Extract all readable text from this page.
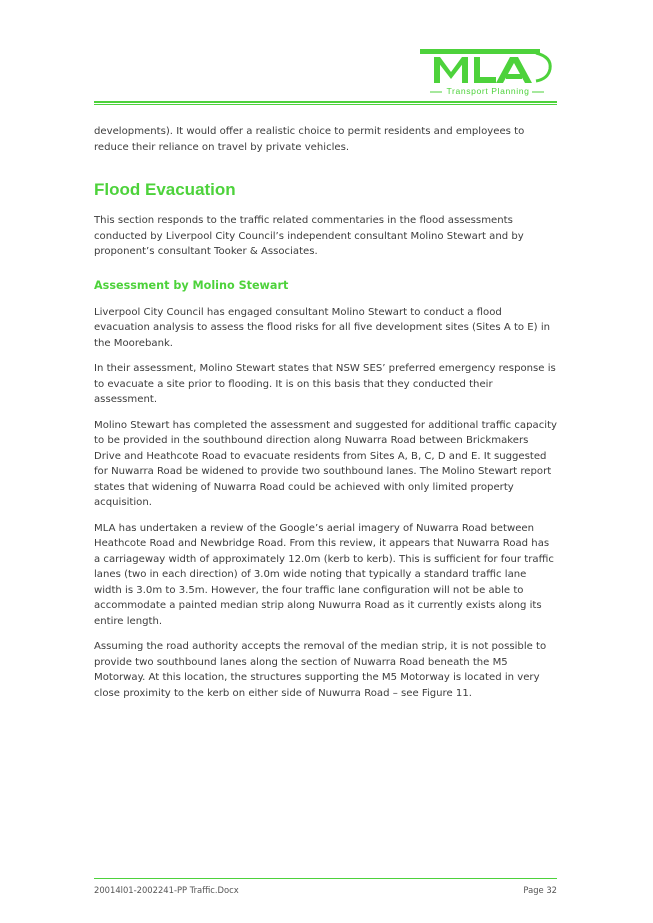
MLA
Transport Planning

developments). It would offer a realistic choice to permit residents and employees to reduce their reliance on travel by private vehicles.

Flood Evacuation

This section responds to the traffic related commentaries in the flood assessments conducted by Liverpool City Council’s independent consultant Molino Stewart and by proponent’s consultant Tooker & Associates.

Assessment by Molino Stewart

Liverpool City Council has engaged consultant Molino Stewart to conduct a flood evacuation analysis to assess the flood risks for all five development sites (Sites A to E) in the Moorebank.

In their assessment, Molino Stewart states that NSW SES’ preferred emergency response is to evacuate a site prior to flooding. It is on this basis that they conducted their assessment.

Molino Stewart has completed the assessment and suggested for additional traffic capacity to be provided in the southbound direction along Nuwarra Road between Brickmakers Drive and Heathcote Road to evacuate residents from Sites A, B, C, D and E. It suggested for Nuwarra Road be widened to provide two southbound lanes. The Molino Stewart report states that widening of Nuwarra Road could be achieved with only limited property acquisition.

MLA has undertaken a review of the Google’s aerial imagery of Nuwarra Road between Heathcote Road and Newbridge Road. From this review, it appears that Nuwarra Road has a carriageway width of approximately 12.0m (kerb to kerb). This is sufficient for four traffic lanes (two in each direction) of 3.0m wide noting that typically a standard traffic lane width is 3.0m to 3.5m. However, the four traffic lane configuration will not be able to accommodate a painted median strip along Nuwurra Road as it currently exists along its entire length.

Assuming the road authority accepts the removal of the median strip, it is not possible to provide two southbound lanes along the section of Nuwarra Road beneath the M5 Motorway. At this location, the structures supporting the M5 Motorway is located in very close proximity to the kerb on either side of Nuwurra Road – see Figure 11.

20014l01-2002241-PP Traffic.Docx	Page 32
